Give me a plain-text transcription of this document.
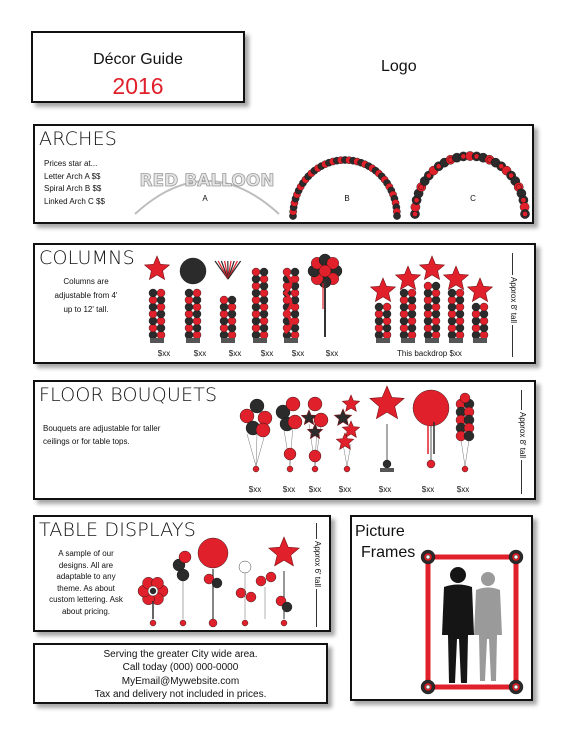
Décor Guide
2016
Logo
ARCHES
Prices star at...
Letter Arch A $$
Spiral Arch B $$
Linked Arch C $$
RED BALLOON
A	B	C
COLUMNS
Columns are
adjustable from 4'
up to 12' tall.
$xx	$xx	$xx	$xx	$xx	$xx	This backdrop $xx
Approx 8' tall
FLOOR BOUQUETS
Bouquets are adjustable for taller
ceilings or for table tops.
$xx	$xx	$xx	$xx	$xx	$xx	$xx
Approx 8' tall
TABLE DISPLAYS
A sample of our
designs. All are
adaptable to any
theme. As about
custom lettering. Ask
about pricing.
Approx 6' tall
Picture
Frames
Serving the greater City wide area.
Call today (000) 000-0000
MyEmail@Mywebsite.com
Tax and delivery not included in prices.
